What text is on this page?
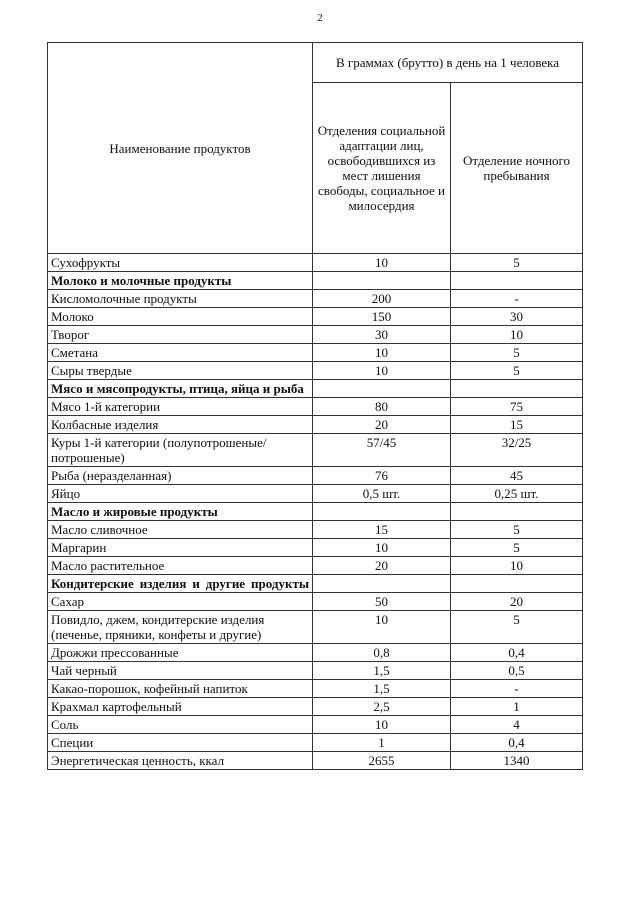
2
Наименование продуктов	В граммах (брутто) в день на 1 человека	
	Отделения социальной адаптации лиц, освободившихся из мест лишения свободы, социальное и милосердия	Отделение ночного пребывания
Сухофрукты	10	5
Молоко и молочные продукты		
Кисломолочные продукты	200	-
Молоко	150	30
Творог	30	10
Сметана	10	5
Сыры твердые	10	5
Мясо и мясопродукты, птица, яйца и рыба		
Мясо 1-й категории	80	75
Колбасные изделия	20	15
Куры 1-й категории (полупотрошеные/потрошеные)	57/45	32/25
Рыба (неразделанная)	76	45
Яйцо	0,5 шт.	0,25 шт.
Масло и жировые продукты		
Масло сливочное	15	5
Маргарин	10	5
Масло растительное	20	10
Кондитерские изделия и другие продукты		
Сахар	50	20
Повидло, джем, кондитерские изделия (печенье, пряники, конфеты и другие)	10	5
Дрожжи прессованные	0,8	0,4
Чай черный	1,5	0,5
Какао-порошок, кофейный напиток	1,5	-
Крахмал картофельный	2,5	1
Соль	10	4
Специи	1	0,4
Энергетическая ценность, ккал	2655	1340
